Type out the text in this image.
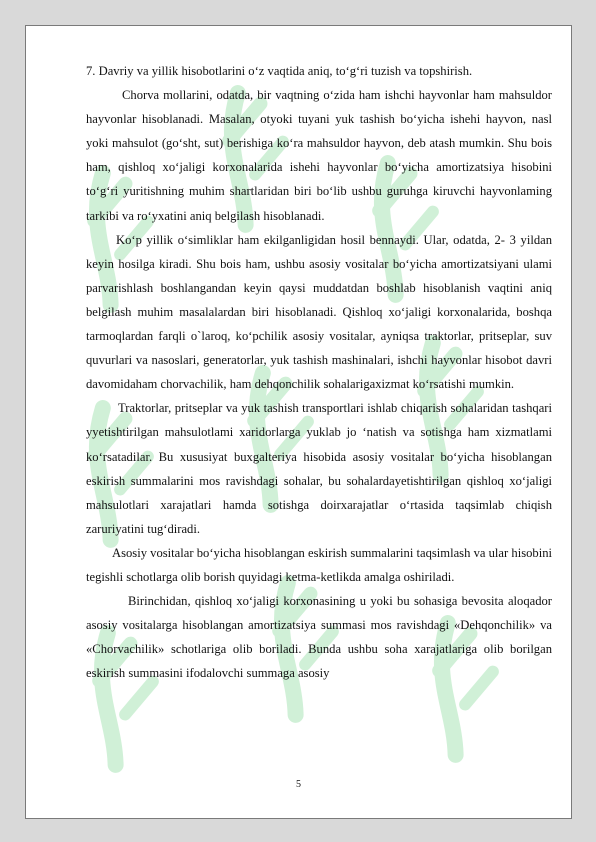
7. Davriy va yillik hisobotlarini o‘z vaqtida aniq, to‘g‘ri tuzish va topshirish.

Chorva mollarini, odatda, bir vaqtning o‘zida ham ishchi hayvonlar ham mahsuldor hayvonlar hisoblanadi. Masalan, otyoki tuyani yuk tashish bo‘yicha ishehi hayvon, nasl yoki mahsulot (go‘sht, sut) berishiga ko‘ra mahsuldor hayvon, deb atash mumkin. Shu bois ham, qishloq xo‘jaligi korxonalarida ishehi hayvonlar bo‘yicha amortizatsiya hisobini to‘g‘ri yuritishning muhim shartlaridan biri bo‘lib ushbu guruhga kiruvchi hayvonlaming tarkibi va ro‘yxatini aniq belgilash hisoblanadi.

Ko‘p yillik o‘simliklar ham ekilganligidan hosil bennaydi. Ular, odatda, 2- 3 yildan keyin hosilga kiradi. Shu bois ham, ushbu asosiy vositalar bo‘yicha amortizatsiyani ulami parvarishlash boshlangandan keyin qaysi muddatdan boshlab hisoblanish vaqtini aniq belgilash muhim masalalardan biri hisoblanadi. Qishloq xo‘jaligi korxonalarida, boshqa tarmoqlardan farqli o`laroq, ko‘pchilik asosiy vositalar, ayniqsa traktorlar, pritseplar, suv quvurlari va nasoslari, generatorlar, yuk tashish mashinalari, ishchi hayvonlar hisobot davri davomidaham chorvachilik, ham dehqonchilik sohalarigaxizmat ko‘rsatishi mumkin.

Traktorlar, pritseplar va yuk tashish transportlari ishlab chiqarish sohalaridan tashqari yyetishtirilgan mahsulotlami xaridorlarga yuklab jo ‘natish va sotishga ham xizmatlami ko‘rsatadilar. Bu xususiyat buxgalteriya hisobida asosiy vositalar bo‘yicha hisoblangan eskirish summalarini mos ravishdagi sohalar, bu sohalardayetishtirilgan qishloq xo‘jaligi mahsulotlari xarajatlari hamda sotishga doirxarajatlar o‘rtasida taqsimlab chiqish zaruriyatini tug‘diradi.

Asosiy vositalar bo‘yicha hisoblangan eskirish summalarini taqsimlash va ular hisobini tegishli schotlarga olib borish quyidagi ketma-ketlikda amalga oshiriladi.

Birinchidan, qishloq xo‘jaligi korxonasining u yoki bu sohasiga bevosita aloqador asosiy vositalarga hisoblangan amortizatsiya summasi mos ravishdagi «Dehqonchilik» va «Chorvachilik» schotlariga olib boriladi. Bunda ushbu soha xarajatlariga olib borilgan eskirish summasini ifodalovchi summaga asosiy

5
